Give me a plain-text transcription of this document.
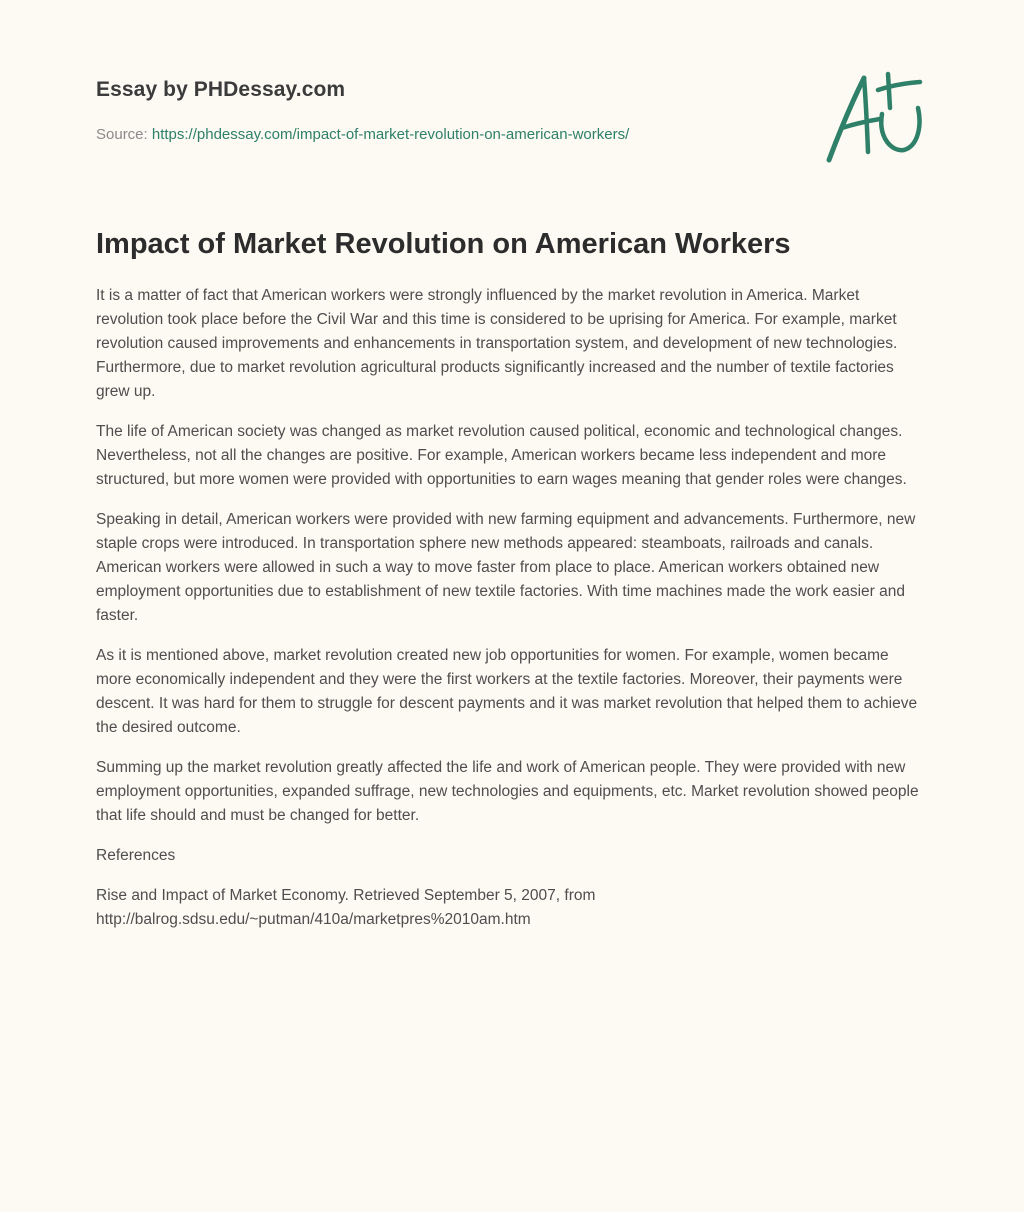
Essay by PHDessay.com
Source: https://phdessay.com/impact-of-market-revolution-on-american-workers/
Impact of Market Revolution on American Workers

It is a matter of fact that American workers were strongly influenced by the market revolution in America. Market revolution took place before the Civil War and this time is considered to be uprising for America. For example, market revolution caused improvements and enhancements in transportation system, and development of new technologies. Furthermore, due to market revolution agricultural products significantly increased and the number of textile factories grew up.

The life of American society was changed as market revolution caused political, economic and technological changes. Nevertheless, not all the changes are positive. For example, American workers became less independent and more structured, but more women were provided with opportunities to earn wages meaning that gender roles were changes.

Speaking in detail, American workers were provided with new farming equipment and advancements. Furthermore, new staple crops were introduced. In transportation sphere new methods appeared: steamboats, railroads and canals. American workers were allowed in such a way to move faster from place to place. American workers obtained new employment opportunities due to establishment of new textile factories. With time machines made the work easier and faster.

As it is mentioned above, market revolution created new job opportunities for women. For example, women became more economically independent and they were the first workers at the textile factories. Moreover, their payments were descent. It was hard for them to struggle for descent payments and it was market revolution that helped them to achieve the desired outcome.

Summing up the market revolution greatly affected the life and work of American people. They were provided with new employment opportunities, expanded suffrage, new technologies and equipments, etc. Market revolution showed people that life should and must be changed for better.

References

Rise and Impact of Market Economy. Retrieved September 5, 2007, from http://balrog.sdsu.edu/~putman/410a/marketpres%2010am.htm
